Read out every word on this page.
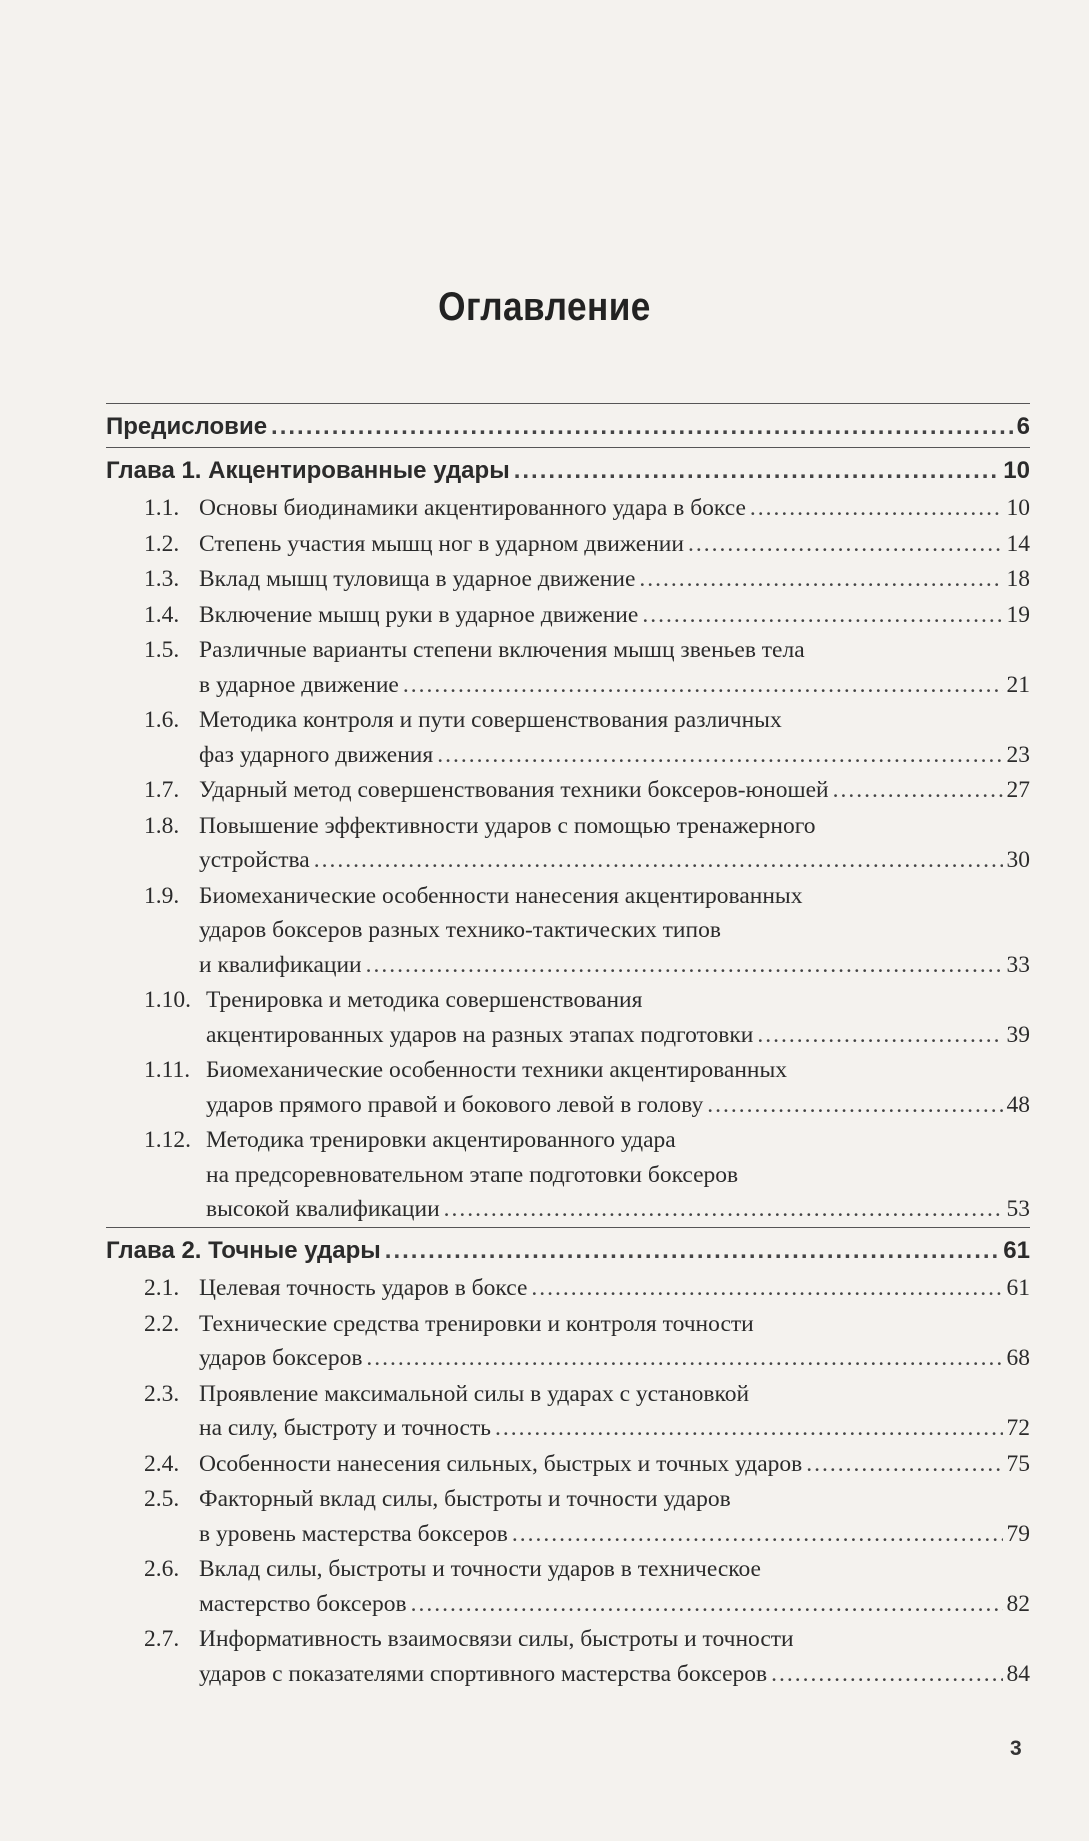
Оглавление
Предисловие .....	6
Глава 1. Акцентированные удары .....	10
1.1. Основы биодинамики акцентированного удара в боксе .....	10
1.2. Степень участия мышц ног в ударном движении .....	14
1.3. Вклад мышц туловища в ударное движение .....	18
1.4. Включение мышц руки в ударное движение .....	19
1.5. Различные варианты степени включения мышц звеньев тела
в ударное движение .....	21
1.6. Методика контроля и пути совершенствования различных
фаз ударного движения .....	23
1.7. Ударный метод совершенствования техники боксеров-юношей .....	27
1.8. Повышение эффективности ударов с помощью тренажерного
устройства .....	30
1.9. Биомеханические особенности нанесения акцентированных
ударов боксеров разных технико-тактических типов
и квалификации .....	33
1.10. Тренировка и методика совершенствования
акцентированных ударов на разных этапах подготовки .....	39
1.11. Биомеханические особенности техники акцентированных
ударов прямого правой и бокового левой в голову .....	48
1.12. Методика тренировки акцентированного удара
на предсоревновательном этапе подготовки боксеров
высокой квалификации .....	53
Глава 2. Точные удары .....	61
2.1. Целевая точность ударов в боксе .....	61
2.2. Технические средства тренировки и контроля точности
ударов боксеров .....	68
2.3. Проявление максимальной силы в ударах с установкой
на силу, быстроту и точность .....	72
2.4. Особенности нанесения сильных, быстрых и точных ударов .....	75
2.5. Факторный вклад силы, быстроты и точности ударов
в уровень мастерства боксеров .....	79
2.6. Вклад силы, быстроты и точности ударов в техническое
мастерство боксеров .....	82
2.7. Информативность взаимосвязи силы, быстроты и точности
ударов с показателями спортивного мастерства боксеров .....	84
3
